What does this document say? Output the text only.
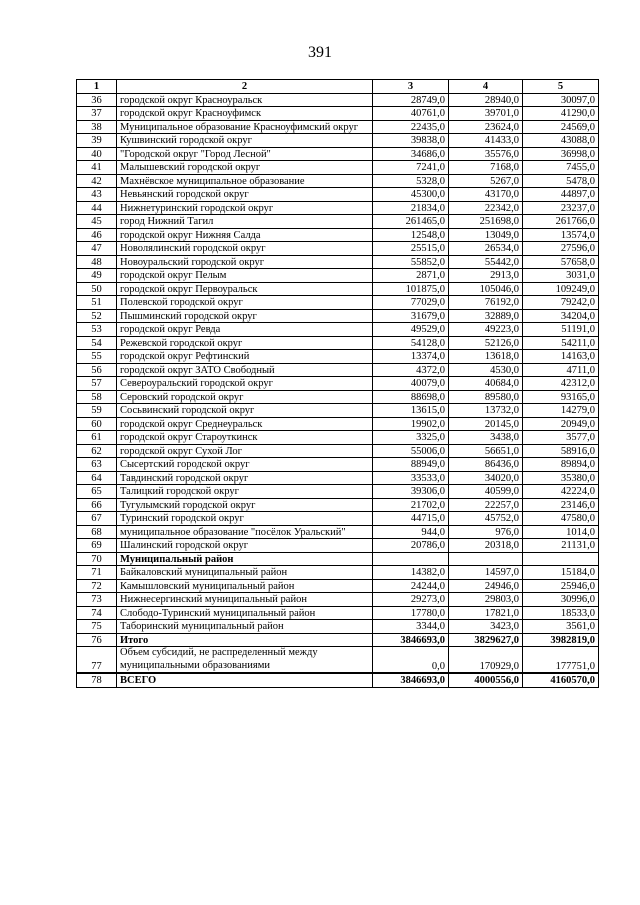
391
1	2	3	4	5
36	городской округ Красноуральск	28749,0	28940,0	30097,0
37	городской округ Красноуфимск	40761,0	39701,0	41290,0
38	Муниципальное образование Красноуфимский округ	22435,0	23624,0	24569,0
39	Кушвинский городской округ	39838,0	41433,0	43088,0
40	"Городской округ "Город Лесной"	34686,0	35576,0	36998,0
41	Малышевский городской округ	7241,0	7168,0	7455,0
42	Махнёвское муниципальное образование	5328,0	5267,0	5478,0
43	Невьянский городской округ	45300,0	43170,0	44897,0
44	Нижнетуринский городской округ	21834,0	22342,0	23237,0
45	город Нижний Тагил	261465,0	251698,0	261766,0
46	городской округ Нижняя Салда	12548,0	13049,0	13574,0
47	Новолялинский городской округ	25515,0	26534,0	27596,0
48	Новоуральский городской округ	55852,0	55442,0	57658,0
49	городской округ Пелым	2871,0	2913,0	3031,0
50	городской округ Первоуральск	101875,0	105046,0	109249,0
51	Полевской городской округ	77029,0	76192,0	79242,0
52	Пышминский городской округ	31679,0	32889,0	34204,0
53	городской округ Ревда	49529,0	49223,0	51191,0
54	Режевской городской округ	54128,0	52126,0	54211,0
55	городской округ Рефтинский	13374,0	13618,0	14163,0
56	городской округ ЗАТО Свободный	4372,0	4530,0	4711,0
57	Североуральский городской округ	40079,0	40684,0	42312,0
58	Серовский городской округ	88698,0	89580,0	93165,0
59	Сосьвинский городской округ	13615,0	13732,0	14279,0
60	городской округ Среднеуральск	19902,0	20145,0	20949,0
61	городской округ Староуткинск	3325,0	3438,0	3577,0
62	городской округ Сухой Лог	55006,0	56651,0	58916,0
63	Сысертский городской округ	88949,0	86436,0	89894,0
64	Тавдинский городской округ	33533,0	34020,0	35380,0
65	Талицкий городской округ	39306,0	40599,0	42224,0
66	Тугулымский городской округ	21702,0	22257,0	23146,0
67	Туринский городской округ	44715,0	45752,0	47580,0
68	муниципальное образование "посёлок Уральский"	944,0	976,0	1014,0
69	Шалинский городской округ	20786,0	20318,0	21131,0
70	Муниципальный район			
71	Байкаловский муниципальный район	14382,0	14597,0	15184,0
72	Камышловский муниципальный район	24244,0	24946,0	25946,0
73	Нижнесергинский муниципальный район	29273,0	29803,0	30996,0
74	Слободо-Туринский муниципальный район	17780,0	17821,0	18533,0
75	Таборинский муниципальный район	3344,0	3423,0	3561,0
76	Итого	3846693,0	3829627,0	3982819,0
77	Объем субсидий, не распределенный между муниципальными образованиями	0,0	170929,0	177751,0
78	ВСЕГО	3846693,0	4000556,0	4160570,0
